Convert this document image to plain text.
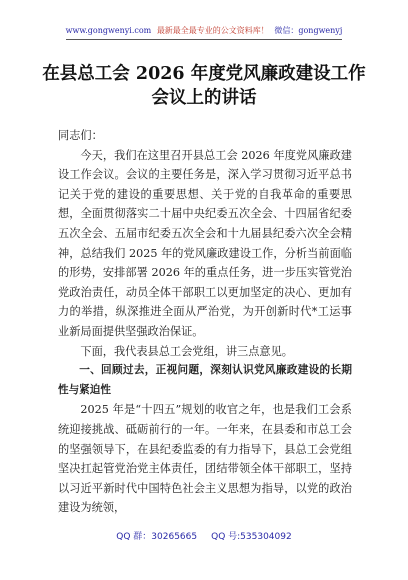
www.gongwenyi.com 最新最全最专业的公文资料库！ 微信：gongwenyj
在县总工会 2026 年度党风廉政建设工作
会议上的讲话

同志们：

今天，我们在这里召开县总工会 2026 年度党风廉政建设工作会议。会议的主要任务是，深入学习贯彻习近平总书记关于党的建设的重要思想、关于党的自我革命的重要思想，全面贯彻落实二十届中央纪委五次全会、十四届省纪委五次全会、五届市纪委五次全会和十九届县纪委六次全会精神，总结我们 2025 年的党风廉政建设工作，分析当前面临的形势，安排部署 2026 年的重点任务，进一步压实管党治党政治责任，动员全体干部职工以更加坚定的决心、更加有力的举措，纵深推进全面从严治党，为开创新时代*工运事业新局面提供坚强政治保证。

下面，我代表县总工会党组，讲三点意见。

一、回顾过去，正视问题，深刻认识党风廉政建设的长期性与紧迫性

2025 年是“十四五”规划的收官之年，也是我们工会系统迎接挑战、砥砺前行的一年。一年来，在县委和市总工会的坚强领导下，在县纪委监委的有力指导下，县总工会党组坚决扛起管党治党主体责任，团结带领全体干部职工，坚持以习近平新时代中国特色社会主义思想为指导，以党的政治建设为统领，

QQ 群：30265665 QQ 号:535304092
